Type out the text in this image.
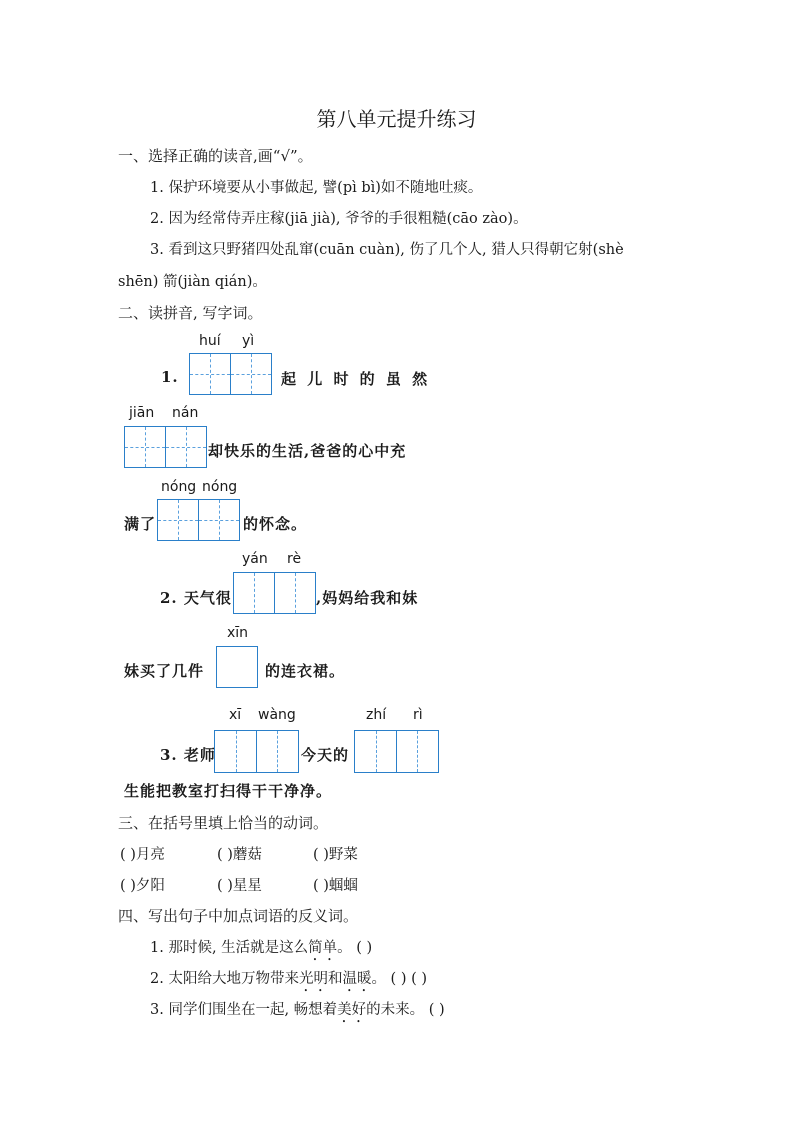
第八单元提升练习
一、选择正确的读音,画“√”。
1. 保护环境要从小事做起, 譬(pì bì)如不随地吐痰。
2. 因为经常侍弄庄稼(jiā jià), 爷爷的手很粗糙(cāo zào)。
3. 看到这只野猪四处乱窜(cuān cuàn), 伤了几个人, 猎人只得朝它射(shè
shēn) 箭(jiàn qián)。
二、读拼音, 写字词。
huí yì
1.	起 儿 时 的 虽 然
jiān nán
却快乐的生活,爸爸的心中充
nóng nóng
满了	的怀念。
yán rè
2. 天气很	,妈妈给我和妹
xīn
妹买了几件	的连衣裙。
xī wàng	zhí rì
3. 老师	今天的
生能把教室打扫得干干净净。
三、在括号里填上恰当的动词。
( )月亮	( )蘑菇	( )野菜
( )夕阳	( )星星	( )蝈蝈
四、写出句子中加点词语的反义词。
1. 那时候, 生活就是这么简单。 ( )
2. 太阳给大地万物带来光明和温暖。 ( ) ( )
3. 同学们围坐在一起, 畅想着美好的未来。 ( )
